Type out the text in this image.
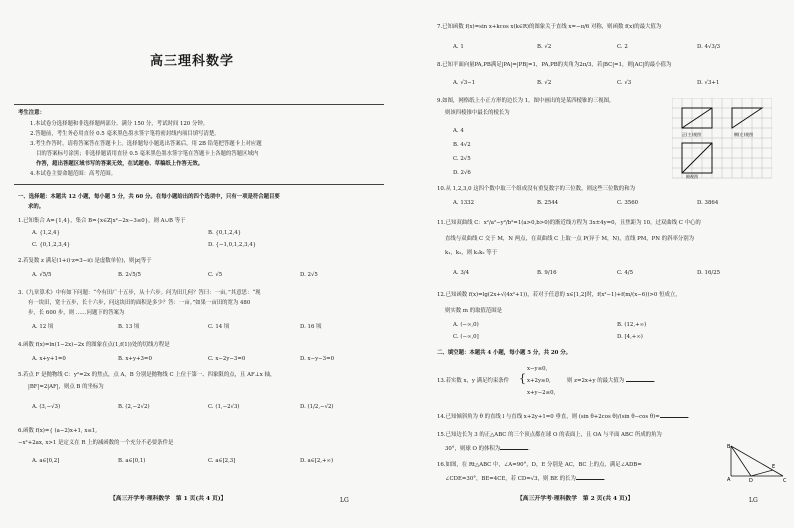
高三理科数学
考生注意：
1.本试卷分选择题和非选择题两部分。满分 150 分，考试时间 120 分钟。
2.答题前，考生务必用直径 0.5 毫米黑色墨水签字笔将密封线内项目填写清楚。
3.考生作答时，请将答案答在答题卡上。选择题每小题选出答案后，用 2B 铅笔把答题卡上对应题
目的答案标号涂黑；非选择题请用直径 0.5 毫米黑色墨水签字笔在答题卡上各题的答题区域内
作答，超出答题区域书写的答案无效，在试题卷、草稿纸上作答无效。
4.本试卷主要命题范围：高考范围。
一、选择题：本题共 12 小题，每小题 5 分，共 60 分。在每小题给出的四个选项中，只有一项是符合题目要
求的。
1.已知集合 A={1,4}，集合 B={x∈Z|x²−2x−3≤0}，则 A∪B 等于
A. {1,2,4}	B. {0,1,2,4}
C. {0,1,2,3,4}	D. {−1,0,1,2,3,4}
2.若复数 z 满足(1+i)·z=3−i(i 是虚数单位)，则|z|等于
A. √5/5	B. 2√5/5	C. √5	D. 2√5
3.《九章算术》中有如下问题：“今有田广十五步，从十六步。问为田几何？答曰：一亩。”其意思：“现
有一块田，宽十五步，长十六步，问这块田的面积是多少？答：一亩。”如果一亩田的宽为 480
步，长 600 步，则 ……问题下的答案为
A. 12 顷	B. 13 顷	C. 14 顷	D. 16 顷
4.函数 f(x)=ln(1−2x)−2x 的图象在点(1,f(1))处的切线方程是
A. x+y+1=0	B. x+y+3=0	C. x−2y−3=0	D. x−y−3=0
5.若点 F 是抛物线 C：y²=2x 的焦点，点 A，B 分别是抛物线 C 上位于第一、四象限的点，且 AF⊥x 轴，
|BF|=2|AF|，则点 B 的坐标为
A. (3,−√3)	B. (2,−2√2)	C. (1,−2√3)	D. (1/2,−√2)
6.函数 f(x)={ (a−2)x+1, x≤1,
−x²+2ax, x>1 是定义在 R 上的减函数的一个充分不必要条件是
A. a∈[0,2]	B. a∈[0,1)	C. a∈[2,3]	D. a∈[2,+∞)
【高三开学考·理科数学　第 1 页(共 4 页)】	LG
7.已知函数 f(x)=sin x+kcos x(k∈R)的图象关于直线 x=−π/6 对称，则函数 f(x)的最大值为
A. 1	B. √2	C. 2	D. 4√3/3
8.已知平面向量PA,PB满足|PA|=|PB|=1，PA,PB的夹角为2π/3，若|BC|=1，则|AC|的最小值为
A. √3−1	B. √2	C. √3	D. √3+1
9.如图，网格纸上小正方形的边长为 1，图中画出的是某四棱锥的三视图，
则该四棱锥中最长的棱长为
A. 4
B. 4√2
C. 2√5
D. 2√6
正(主)视图	侧(左)视图
俯视图
10.从 1,2,3,0 这四个数中取三个组成没有重复数字的三位数，则这些三位数的和为
A. 1332	B. 2544	C. 3560	D. 3864
11.已知双曲线 C：x²/a²−y²/b²=1(a>0,b>0)的渐近线方程为 3x±4y=0，且焦距为 10，过双曲线 C 中心的
直线与双曲线 C 交于 M，N 两点，在双曲线 C 上取一点 P(异于 M，N)，直线 PM，PN 的斜率分别为
k₁，k₂，则 k₁k₂ 等于
A. 3/4	B. 9/16	C. 4/5	D. 16/25
12.已知函数 f(x)=lg(2x+√(4x²+1))，若对于任意的 x∈[1,2]时，f(x²−1)+f(m/(x−6))>0 恒成立，
则实数 m 的取值范围是
A. (−∞,0)	B. (12,+∞)
C. (−∞,0]	D. [4,+∞)
二、填空题：本题共 4 小题，每小题 5 分，共 20 分。
13.若实数 x，y 满足约束条件 {
x−y≤0,
x+2y≥0,
x+y−2≤0,
则 z=2x+y 的最大值为	.
14.已知倾斜角为 θ 的直线 l 与直线 x+2y+1=0 垂直，则 (sin θ+2cos θ)/(sin θ−cos θ)=	.
15.已知边长为 3 的正△ABC 的三个顶点都在球 O 的表面上，且 OA 与平面 ABC 所成的角为
30°，则球 O 的体积为	.
16.如图，在 Rt△ABC 中，∠A=90°，D，E 分别是 AC，BC 上的点，满足∠ADB=
∠CDE=30°，BE=4CE，若 CD=√3，则 BE 的长为	.
B
A	D
E
C
【高三开学考·理科数学　第 2 页(共 4 页)】	LG
